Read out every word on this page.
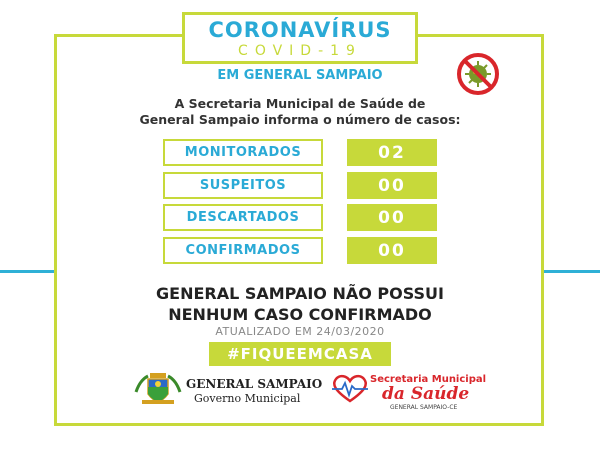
CORONAVÍRUS
COVID-19
EM GENERAL SAMPAIO
A Secretaria Municipal de Saúde de
General Sampaio informa o número de casos:
MONITORADOS	02
SUSPEITOS	00
DESCARTADOS	00
CONFIRMADOS	00
GENERAL SAMPAIO NÃO POSSUI
NENHUM CASO CONFIRMADO
ATUALIZADO EM 24/03/2020
#FIQUEEMCASA
GENERAL SAMPAIO
Governo Municipal
Secretaria Municipal
da Saúde
GENERAL SAMPAIO-CE
